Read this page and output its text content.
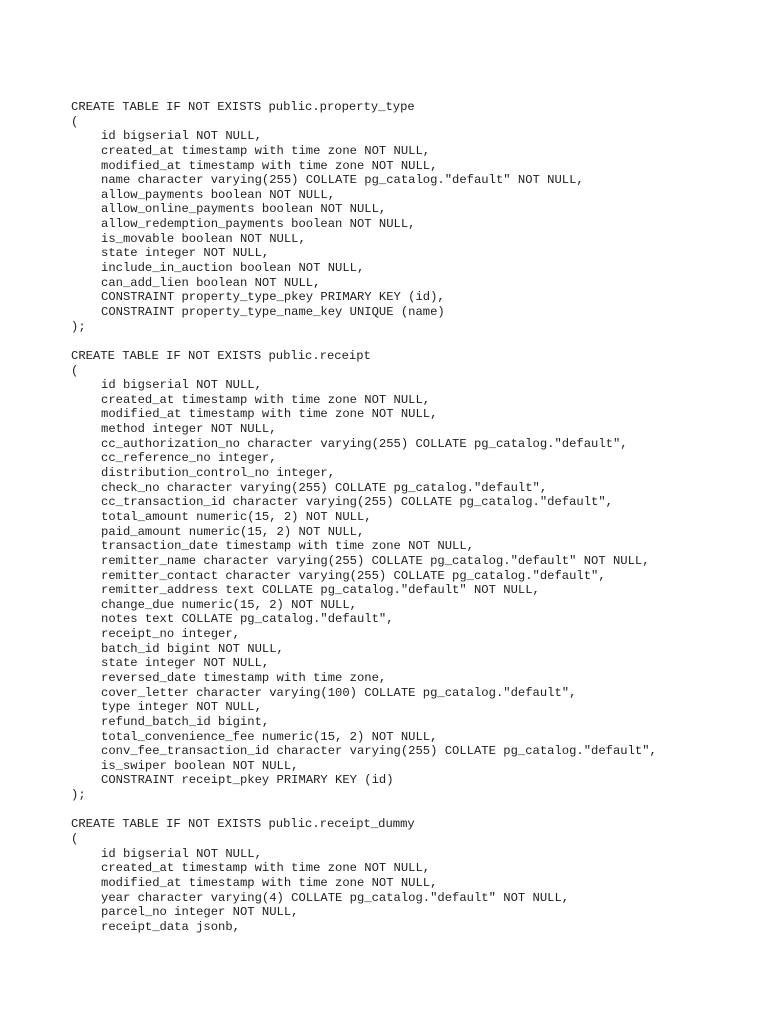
CREATE TABLE IF NOT EXISTS public.property_type
(
id bigserial NOT NULL,
created_at timestamp with time zone NOT NULL,
modified_at timestamp with time zone NOT NULL,
name character varying(255) COLLATE pg_catalog."default" NOT NULL,
allow_payments boolean NOT NULL,
allow_online_payments boolean NOT NULL,
allow_redemption_payments boolean NOT NULL,
is_movable boolean NOT NULL,
state integer NOT NULL,
include_in_auction boolean NOT NULL,
can_add_lien boolean NOT NULL,
CONSTRAINT property_type_pkey PRIMARY KEY (id),
CONSTRAINT property_type_name_key UNIQUE (name)
);
CREATE TABLE IF NOT EXISTS public.receipt
(
id bigserial NOT NULL,
created_at timestamp with time zone NOT NULL,
modified_at timestamp with time zone NOT NULL,
method integer NOT NULL,
cc_authorization_no character varying(255) COLLATE pg_catalog."default",
cc_reference_no integer,
distribution_control_no integer,
check_no character varying(255) COLLATE pg_catalog."default",
cc_transaction_id character varying(255) COLLATE pg_catalog."default",
total_amount numeric(15, 2) NOT NULL,
paid_amount numeric(15, 2) NOT NULL,
transaction_date timestamp with time zone NOT NULL,
remitter_name character varying(255) COLLATE pg_catalog."default" NOT NULL,
remitter_contact character varying(255) COLLATE pg_catalog."default",
remitter_address text COLLATE pg_catalog."default" NOT NULL,
change_due numeric(15, 2) NOT NULL,
notes text COLLATE pg_catalog."default",
receipt_no integer,
batch_id bigint NOT NULL,
state integer NOT NULL,
reversed_date timestamp with time zone,
cover_letter character varying(100) COLLATE pg_catalog."default",
type integer NOT NULL,
refund_batch_id bigint,
total_convenience_fee numeric(15, 2) NOT NULL,
conv_fee_transaction_id character varying(255) COLLATE pg_catalog."default",
is_swiper boolean NOT NULL,
CONSTRAINT receipt_pkey PRIMARY KEY (id)
);
CREATE TABLE IF NOT EXISTS public.receipt_dummy
(
id bigserial NOT NULL,
created_at timestamp with time zone NOT NULL,
modified_at timestamp with time zone NOT NULL,
year character varying(4) COLLATE pg_catalog."default" NOT NULL,
parcel_no integer NOT NULL,
receipt_data jsonb,
